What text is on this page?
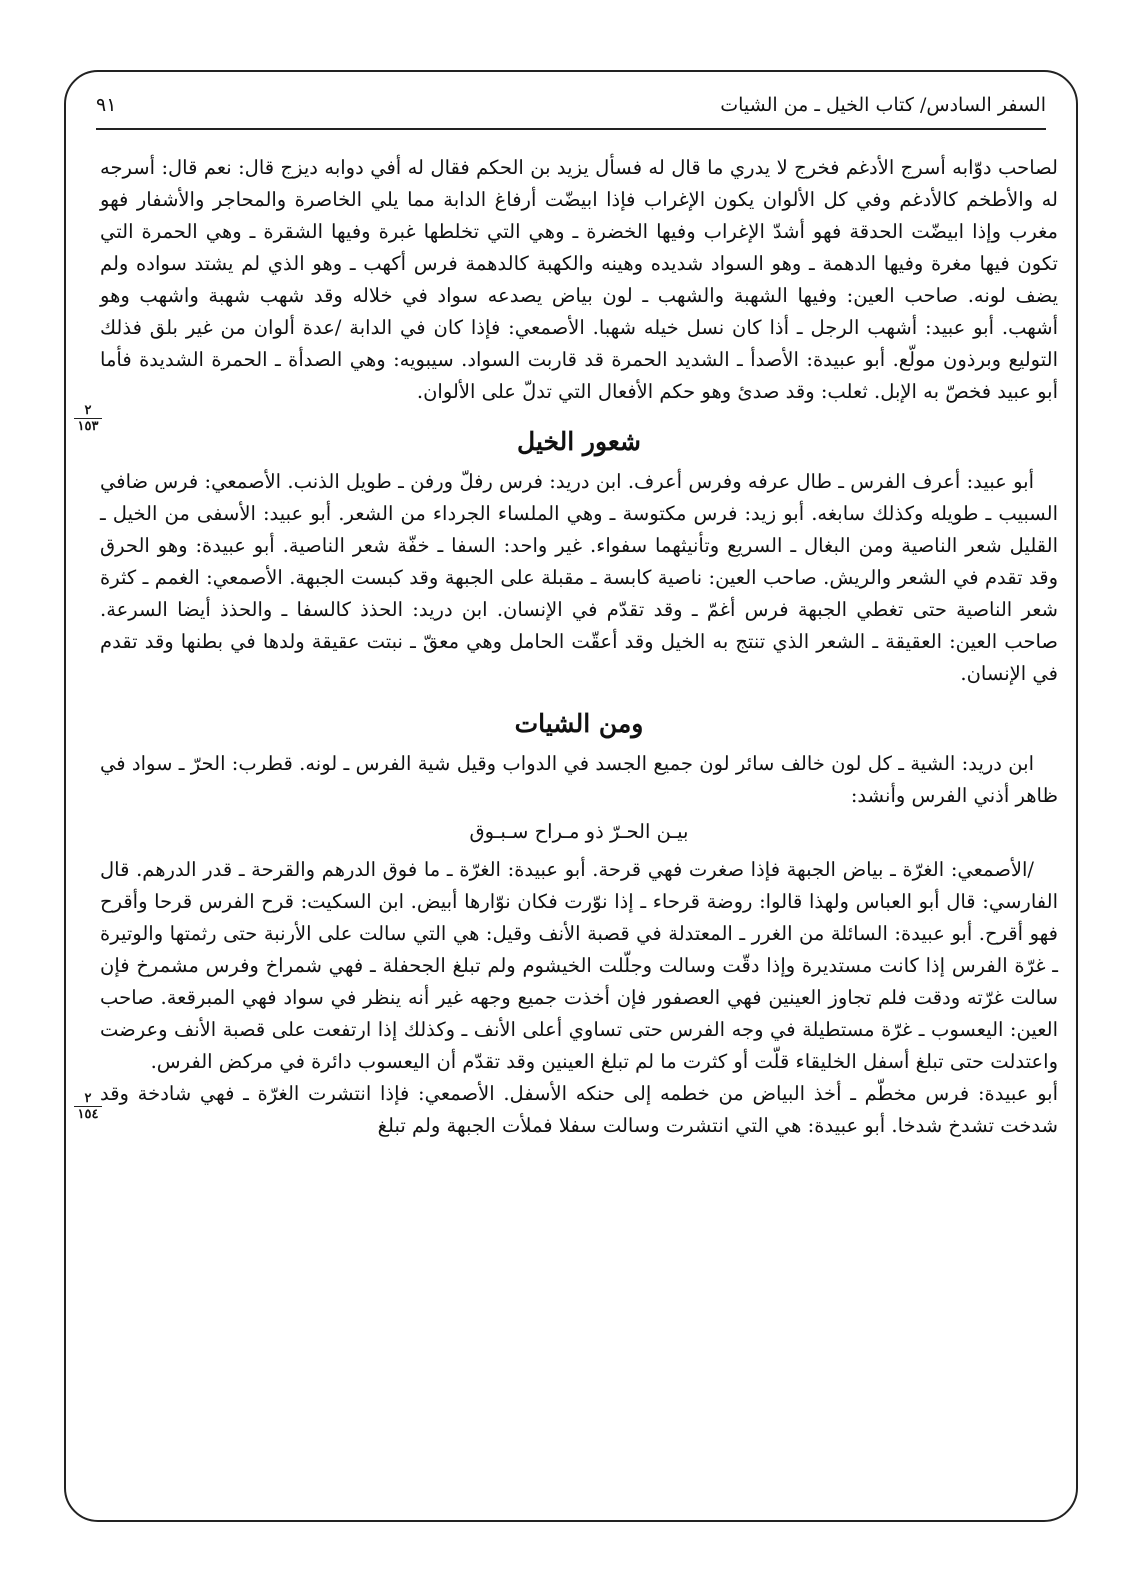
٩١	السفر السادس/ كتاب الخيل ـ من الشيات
٢
١٥٣
٢
١٥٤

لصاحب دوّابه أسرج الأدغم فخرج لا يدري ما قال له فسأل يزيد بن الحكم فقال له أفي دوابه ديزج قال: نعم قال: أسرجه له والأطخم كالأدغم وفي كل الألوان يكون الإغراب فإذا ابيضّت أرفاغ الدابة مما يلي الخاصرة والمحاجر والأشفار فهو مغرب وإذا ابيضّت الحدقة فهو أشدّ الإغراب وفيها الخضرة ـ وهي التي تخلطها غبرة وفيها الشقرة ـ وهي الحمرة التي تكون فيها مغرة وفيها الدهمة ـ وهو السواد شديده وهينه والكهبة كالدهمة فرس أكهب ـ وهو الذي لم يشتد سواده ولم يضف لونه. صاحب العين: وفيها الشهبة والشهب ـ لون بياض يصدعه سواد في خلاله وقد شهب شهبة واشهب وهو أشهب. أبو عبيد: أشهب الرجل ـ أذا كان نسل خيله شهبا. الأصمعي: فإذا كان في الدابة /عدة ألوان من غير بلق فذلك التوليع وبرذون مولّع. أبو عبيدة: الأصدأ ـ الشديد الحمرة قد قاربت السواد. سيبويه: وهي الصدأة ـ الحمرة الشديدة فأما أبو عبيد فخصّ به الإبل. ثعلب: وقد صدئ وهو حكم الأفعال التي تدلّ على الألوان.

شعور الخيل

أبو عبيد: أعرف الفرس ـ طال عرفه وفرس أعرف. ابن دريد: فرس رفلّ ورفن ـ طويل الذنب. الأصمعي: فرس ضافي السبيب ـ طويله وكذلك سابغه. أبو زيد: فرس مكتوسة ـ وهي الملساء الجرداء من الشعر. أبو عبيد: الأسفى من الخيل ـ القليل شعر الناصية ومن البغال ـ السريع وتأنيثهما سفواء. غير واحد: السفا ـ خفّة شعر الناصية. أبو عبيدة: وهو الحرق وقد تقدم في الشعر والريش. صاحب العين: ناصية كابسة ـ مقبلة على الجبهة وقد كبست الجبهة. الأصمعي: الغمم ـ كثرة شعر الناصية حتى تغطي الجبهة فرس أغمّ ـ وقد تقدّم في الإنسان. ابن دريد: الحذذ كالسفا ـ والحذذ أيضا السرعة. صاحب العين: العقيقة ـ الشعر الذي تنتج به الخيل وقد أعقّت الحامل وهي معقّ ـ نبتت عقيقة ولدها في بطنها وقد تقدم في الإنسان.

ومن الشيات

ابن دريد: الشية ـ كل لون خالف سائر لون جميع الجسد في الدواب وقيل شية الفرس ـ لونه. قطرب: الحرّ ـ سواد في ظاهر أذني الفرس وأنشد:

بيـن الحـرّ ذو مـراح سـبـوق

/الأصمعي: الغرّة ـ بياض الجبهة فإذا صغرت فهي قرحة. أبو عبيدة: الغرّة ـ ما فوق الدرهم والقرحة ـ قدر الدرهم. قال الفارسي: قال أبو العباس ولهذا قالوا: روضة قرحاء ـ إذا نوّرت فكان نوّارها أبيض. ابن السكيت: قرح الفرس قرحا وأقرح فهو أقرح. أبو عبيدة: السائلة من الغرر ـ المعتدلة في قصبة الأنف وقيل: هي التي سالت على الأرنبة حتى رثمتها والوتيرة ـ غرّة الفرس إذا كانت مستديرة وإذا دقّت وسالت وجلّلت الخيشوم ولم تبلغ الجحفلة ـ فهي شمراخ وفرس مشمرخ فإن سالت غرّته ودقت فلم تجاوز العينين فهي العصفور فإن أخذت جميع وجهه غير أنه ينظر في سواد فهي المبرقعة. صاحب العين: اليعسوب ـ غرّة مستطيلة في وجه الفرس حتى تساوي أعلى الأنف ـ وكذلك إذا ارتفعت على قصبة الأنف وعرضت واعتدلت حتى تبلغ أسفل الخليقاء قلّت أو كثرت ما لم تبلغ العينين وقد تقدّم أن اليعسوب دائرة في مركض الفرس.

أبو عبيدة: فرس مخطّم ـ أخذ البياض من خطمه إلى حنكه الأسفل. الأصمعي: فإذا انتشرت الغرّة ـ فهي شادخة وقد شدخت تشدخ شدخا. أبو عبيدة: هي التي انتشرت وسالت سفلا فملأت الجبهة ولم تبلغ
